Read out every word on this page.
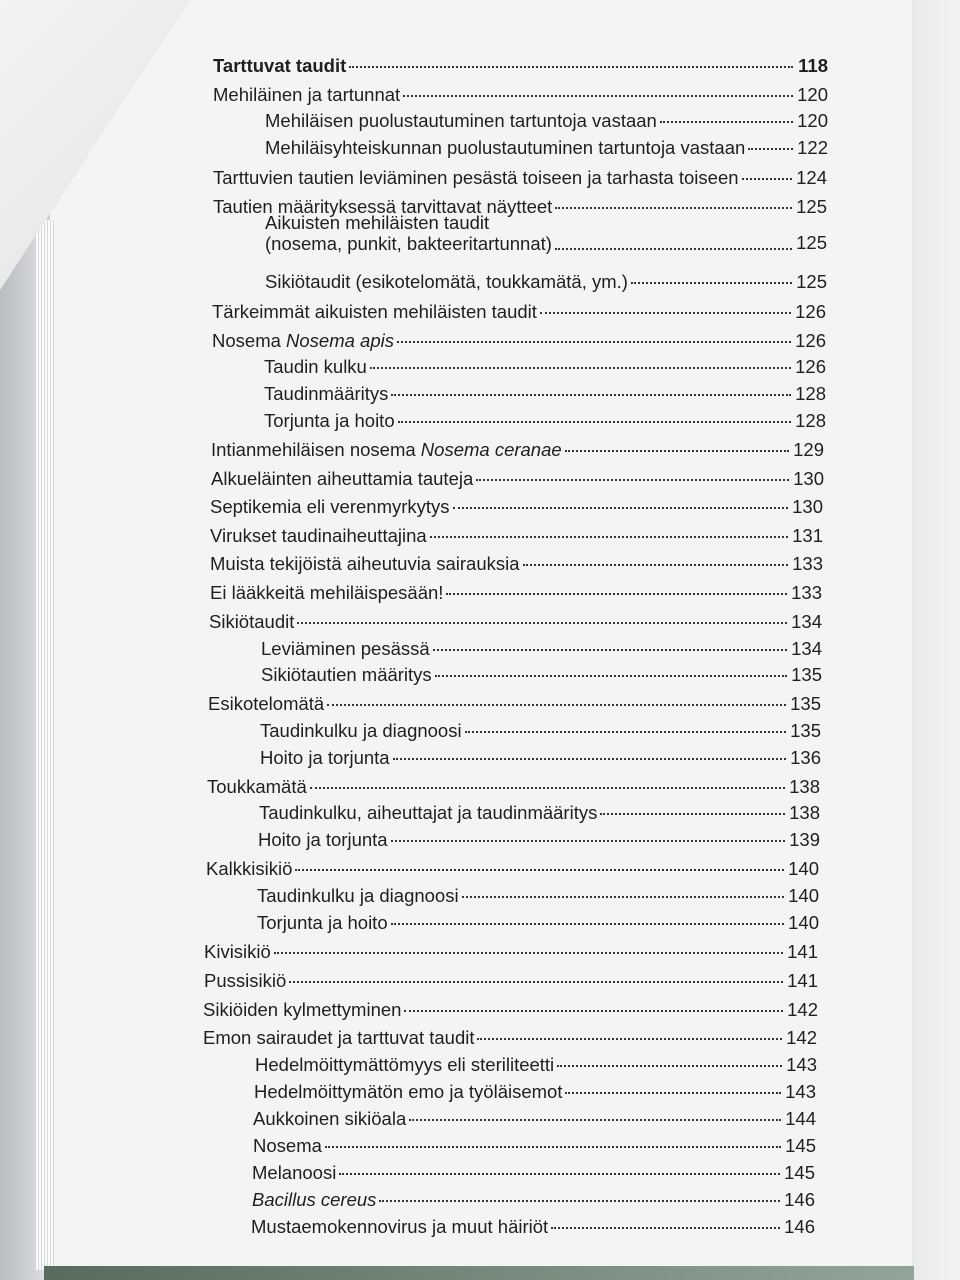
Tarttuvat taudit	118
Mehiläinen ja tartunnat	120
Mehiläisen puolustautuminen tartuntoja vastaan	120
Mehiläisyhteiskunnan puolustautuminen tartuntoja vastaan	122
Tarttuvien tautien leviäminen pesästä toiseen ja tarhasta toiseen	124
Tautien määrityksessä tarvittavat näytteet	125
Aikuisten mehiläisten taudit
(nosema, punkit, bakteeritartunnat)	125
Sikiötaudit (esikotelomätä, toukkamätä, ym.)	125
Tärkeimmät aikuisten mehiläisten taudit	126
Nosema Nosema apis	126
Taudin kulku	126
Taudinmääritys	128
Torjunta ja hoito	128
Intianmehiläisen nosema Nosema ceranae	129
Alkueläinten aiheuttamia tauteja	130
Septikemia eli verenmyrkytys	130
Virukset taudinaiheuttajina	131
Muista tekijöistä aiheutuvia sairauksia	133
Ei lääkkeitä mehiläispesään!	133
Sikiötaudit	134
Leviäminen pesässä	134
Sikiötautien määritys	135
Esikotelomätä	135
Taudinkulku ja diagnoosi	135
Hoito ja torjunta	136
Toukkamätä	138
Taudinkulku, aiheuttajat ja taudinmääritys	138
Hoito ja torjunta	139
Kalkkisikiö	140
Taudinkulku ja diagnoosi	140
Torjunta ja hoito	140
Kivisikiö	141
Pussisikiö	141
Sikiöiden kylmettyminen	142
Emon sairaudet ja tarttuvat taudit	142
Hedelmöittymättömyys eli steriliteetti	143
Hedelmöittymätön emo ja työläisemot	143
Aukkoinen sikiöala	144
Nosema	145
Melanoosi	145
Bacillus cereus	146
Mustaemokennovirus ja muut häiriöt	146
